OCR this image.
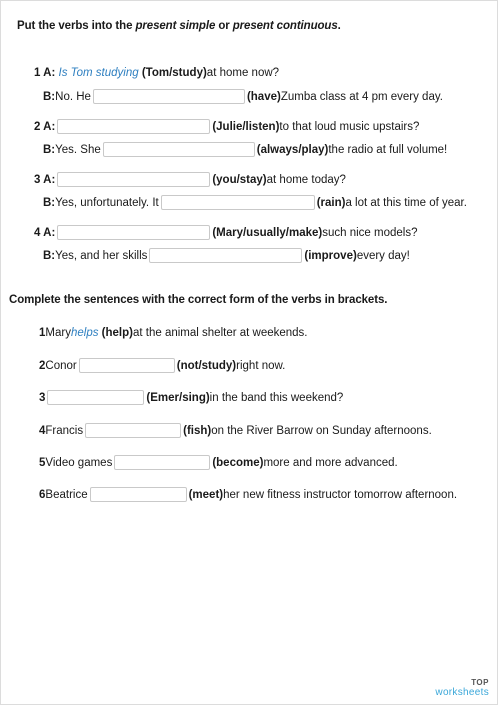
Put the verbs into the present simple or present continuous.
1 A:
Is Tom studying
(Tom/study) at home now?
B: No. He	(have) Zumba class at 4 pm every day.
2 A:	(Julie/listen) to that loud music upstairs?
B: Yes. She	(always/play) the radio at full volume!
3 A:	(you/stay) at home today?
B: Yes, unfortunately. It	(rain) a lot at this time of year.
4 A:	(Mary/usually/make) such nice models?
B: Yes, and her skills	(improve) every day!
Complete the sentences with the correct form of the verbs in brackets.
1 Mary helps
(help) at the animal shelter at weekends.
2 Conor	(not/study) right now.
3	(Emer/sing) in the band this weekend?
4 Francis	(fish) on the River Barrow on Sunday afternoons.
5 Video games	(become) more and more advanced.
6 Beatrice	(meet) her new fitness instructor tomorrow afternoon.
TOP
worksheets
